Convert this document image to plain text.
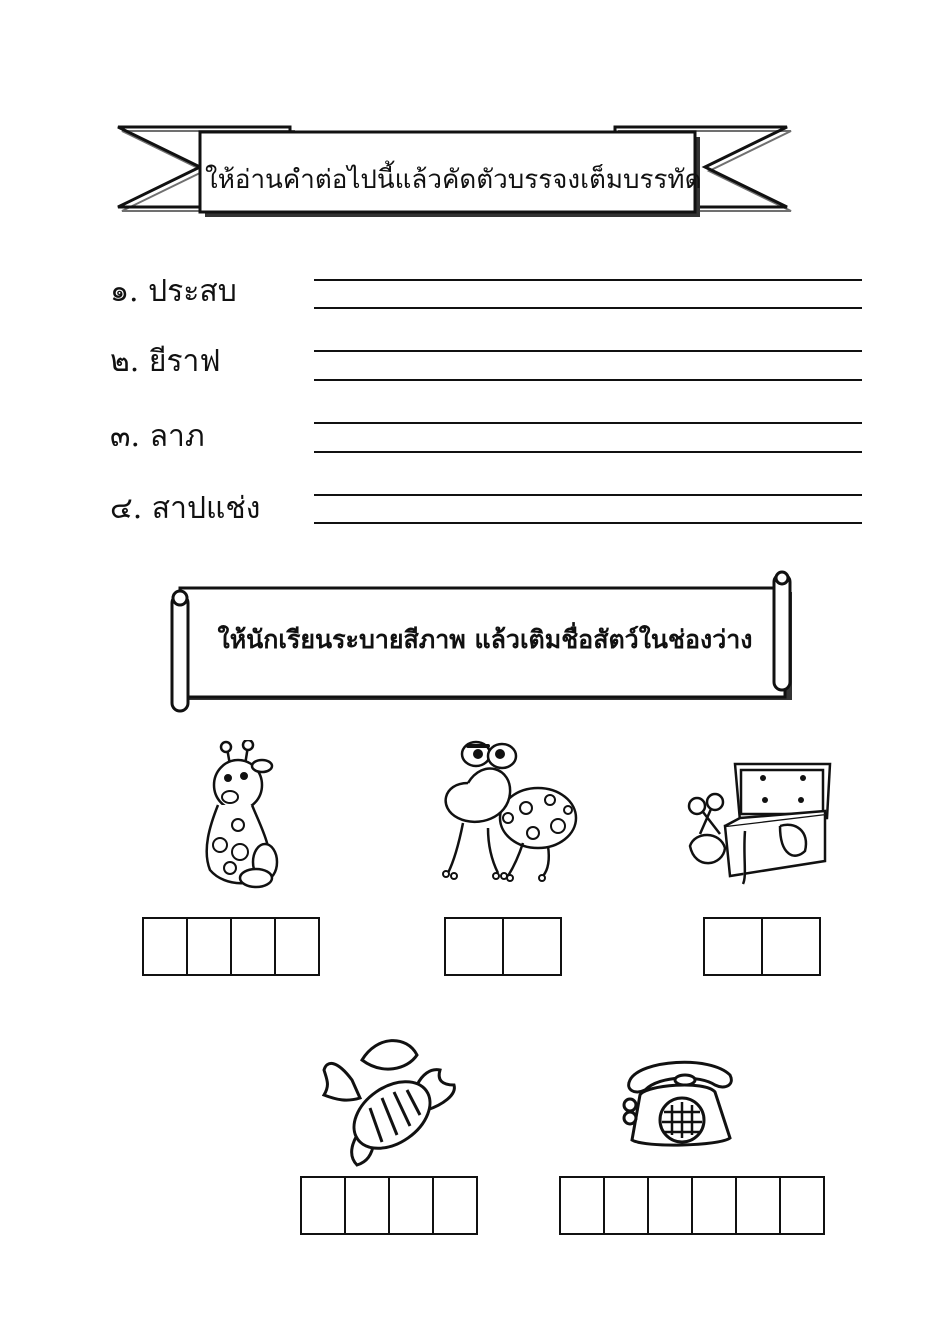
ให้อ่านคำต่อไปนี้แล้วคัดตัวบรรจงเต็มบรรทัด
๑. ประสบ
๒. ยีราฟ
๓. ลาภ
๔. สาปแช่ง
ให้นักเรียนระบายสีภาพ แล้วเติมชื่อสัตว์ในช่องว่าง
